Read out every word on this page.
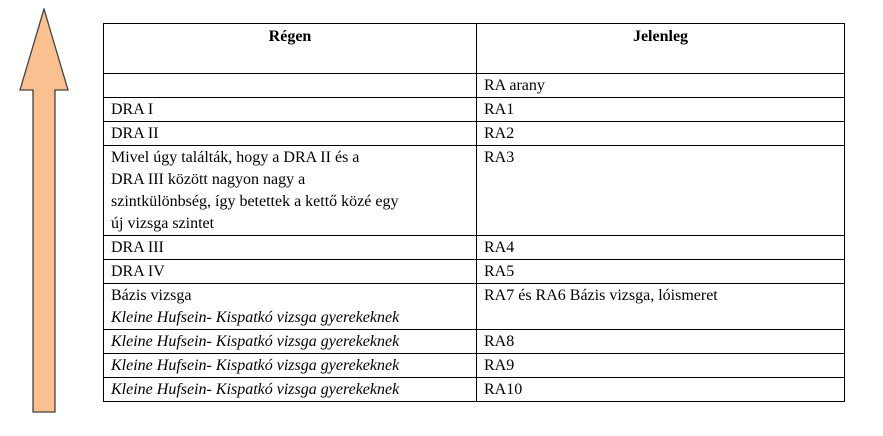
Régen	Jelenleg
	RA arany

DRA I	RA1

DRA II	RA2

Mivel úgy találták, hogy a DRA II és a
DRA III között nagyon nagy a
szintkülönbség, így betettek a kettő közé egy
új vizsga szintet	RA3

DRA III	RA4

DRA IV	RA5

Bázis vizsga
Kleine Hufsein- Kispatkó vizsga gyerekeknek	RA7 és RA6 Bázis vizsga, lóismeret

Kleine Hufsein- Kispatkó vizsga gyerekeknek	RA8

Kleine Hufsein- Kispatkó vizsga gyerekeknek	RA9

Kleine Hufsein- Kispatkó vizsga gyerekeknek	RA10
